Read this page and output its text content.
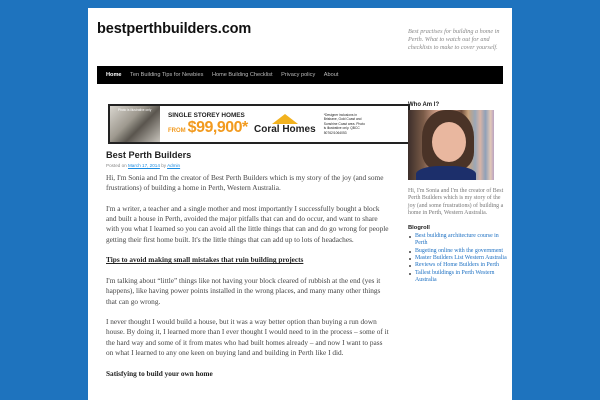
bestperthbuilders.com	Best practises for building a home in Perth. What to watch out for and checklists to make to cover yourself.
Home Ten Building Tips for Newbies Home Building Checklist Privacy policy About
Photo is illustrative only
SINGLE STOREY HOMES
FROM $99,900* Coral Homes
*Designer inclusions in Brisbane, Gold Coast and Sunshine Coast area. Photo is illustrative only. QBCC 50762/1064053
Best Perth Builders
Posted on March 17, 2014 by Admin

Hi, I'm Sonia and I'm the creator of Best Perth Builders which is my story of the joy (and some frustrations) of building a home in Perth, Western Australia.

I'm a writer, a teacher and a single mother and most importantly I successfully bought a block and built a house in Perth, avoided the major pitfalls that can and do occur, and want to share with you what I learned so you can avoid all the little things that can and do go wrong for people getting their first home built. It's the little things that can add up to lots of headaches.

Tips to avoid making small mistakes that ruin building projects

I'm talking about “little” things like not having your block cleared of rubbish at the end (yes it happens), like having power points installed in the wrong places, and many many other things that can go wrong.

I never thought I would build a house, but it was a way better option than buying a run down house. By doing it, I learned more than I ever thought I would need to in the process – some of it the hard way and some of it from mates who had built homes already – and now I want to pass on what I learned to any one keen on buying land and building in Perth like I did.

Satisfying to build your own home

Who Am I?
Hi, I'm Sonia and I'm the creator of Best Perth Builders which is my story of the joy (and some frustrations) of building a home in Perth, Western Australia.
Blogroll
Best building architecture course in Perth
Bugeting online with the government
Master Builders List Western Australia
Reviews of Home Builders in Perth
Tallest buildings in Perth Western Australia
